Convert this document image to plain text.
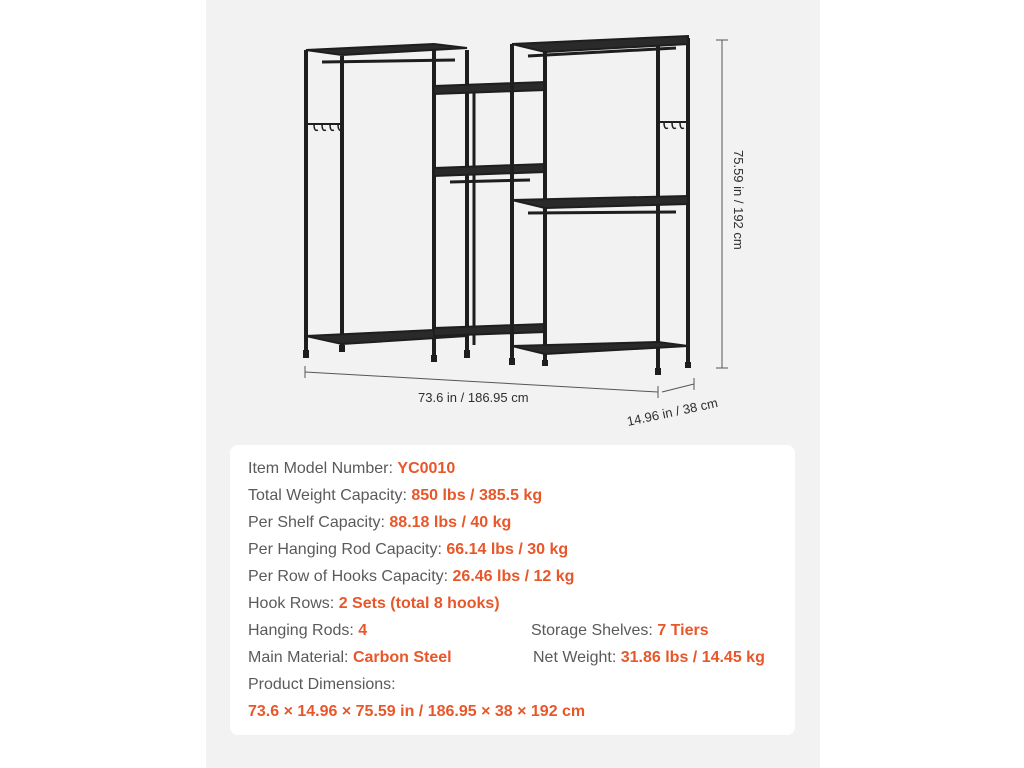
73.6 in / 186.95 cm	14.96 in / 38 cm
75.59 in / 192 cm
Item Model Number: YC0010
Total Weight Capacity: 850 lbs / 385.5 kg
Per Shelf Capacity: 88.18 lbs / 40 kg
Per Hanging Rod Capacity: 66.14 lbs / 30 kg
Per Row of Hooks Capacity: 26.46 lbs / 12 kg
Hook Rows: 2 Sets (total 8 hooks)
Hanging Rods: 4	Storage Shelves: 7 Tiers
Main Material: Carbon Steel	Net Weight: 31.86 lbs / 14.45 kg
Product Dimensions:
73.6 × 14.96 × 75.59 in / 186.95 × 38 × 192 cm
